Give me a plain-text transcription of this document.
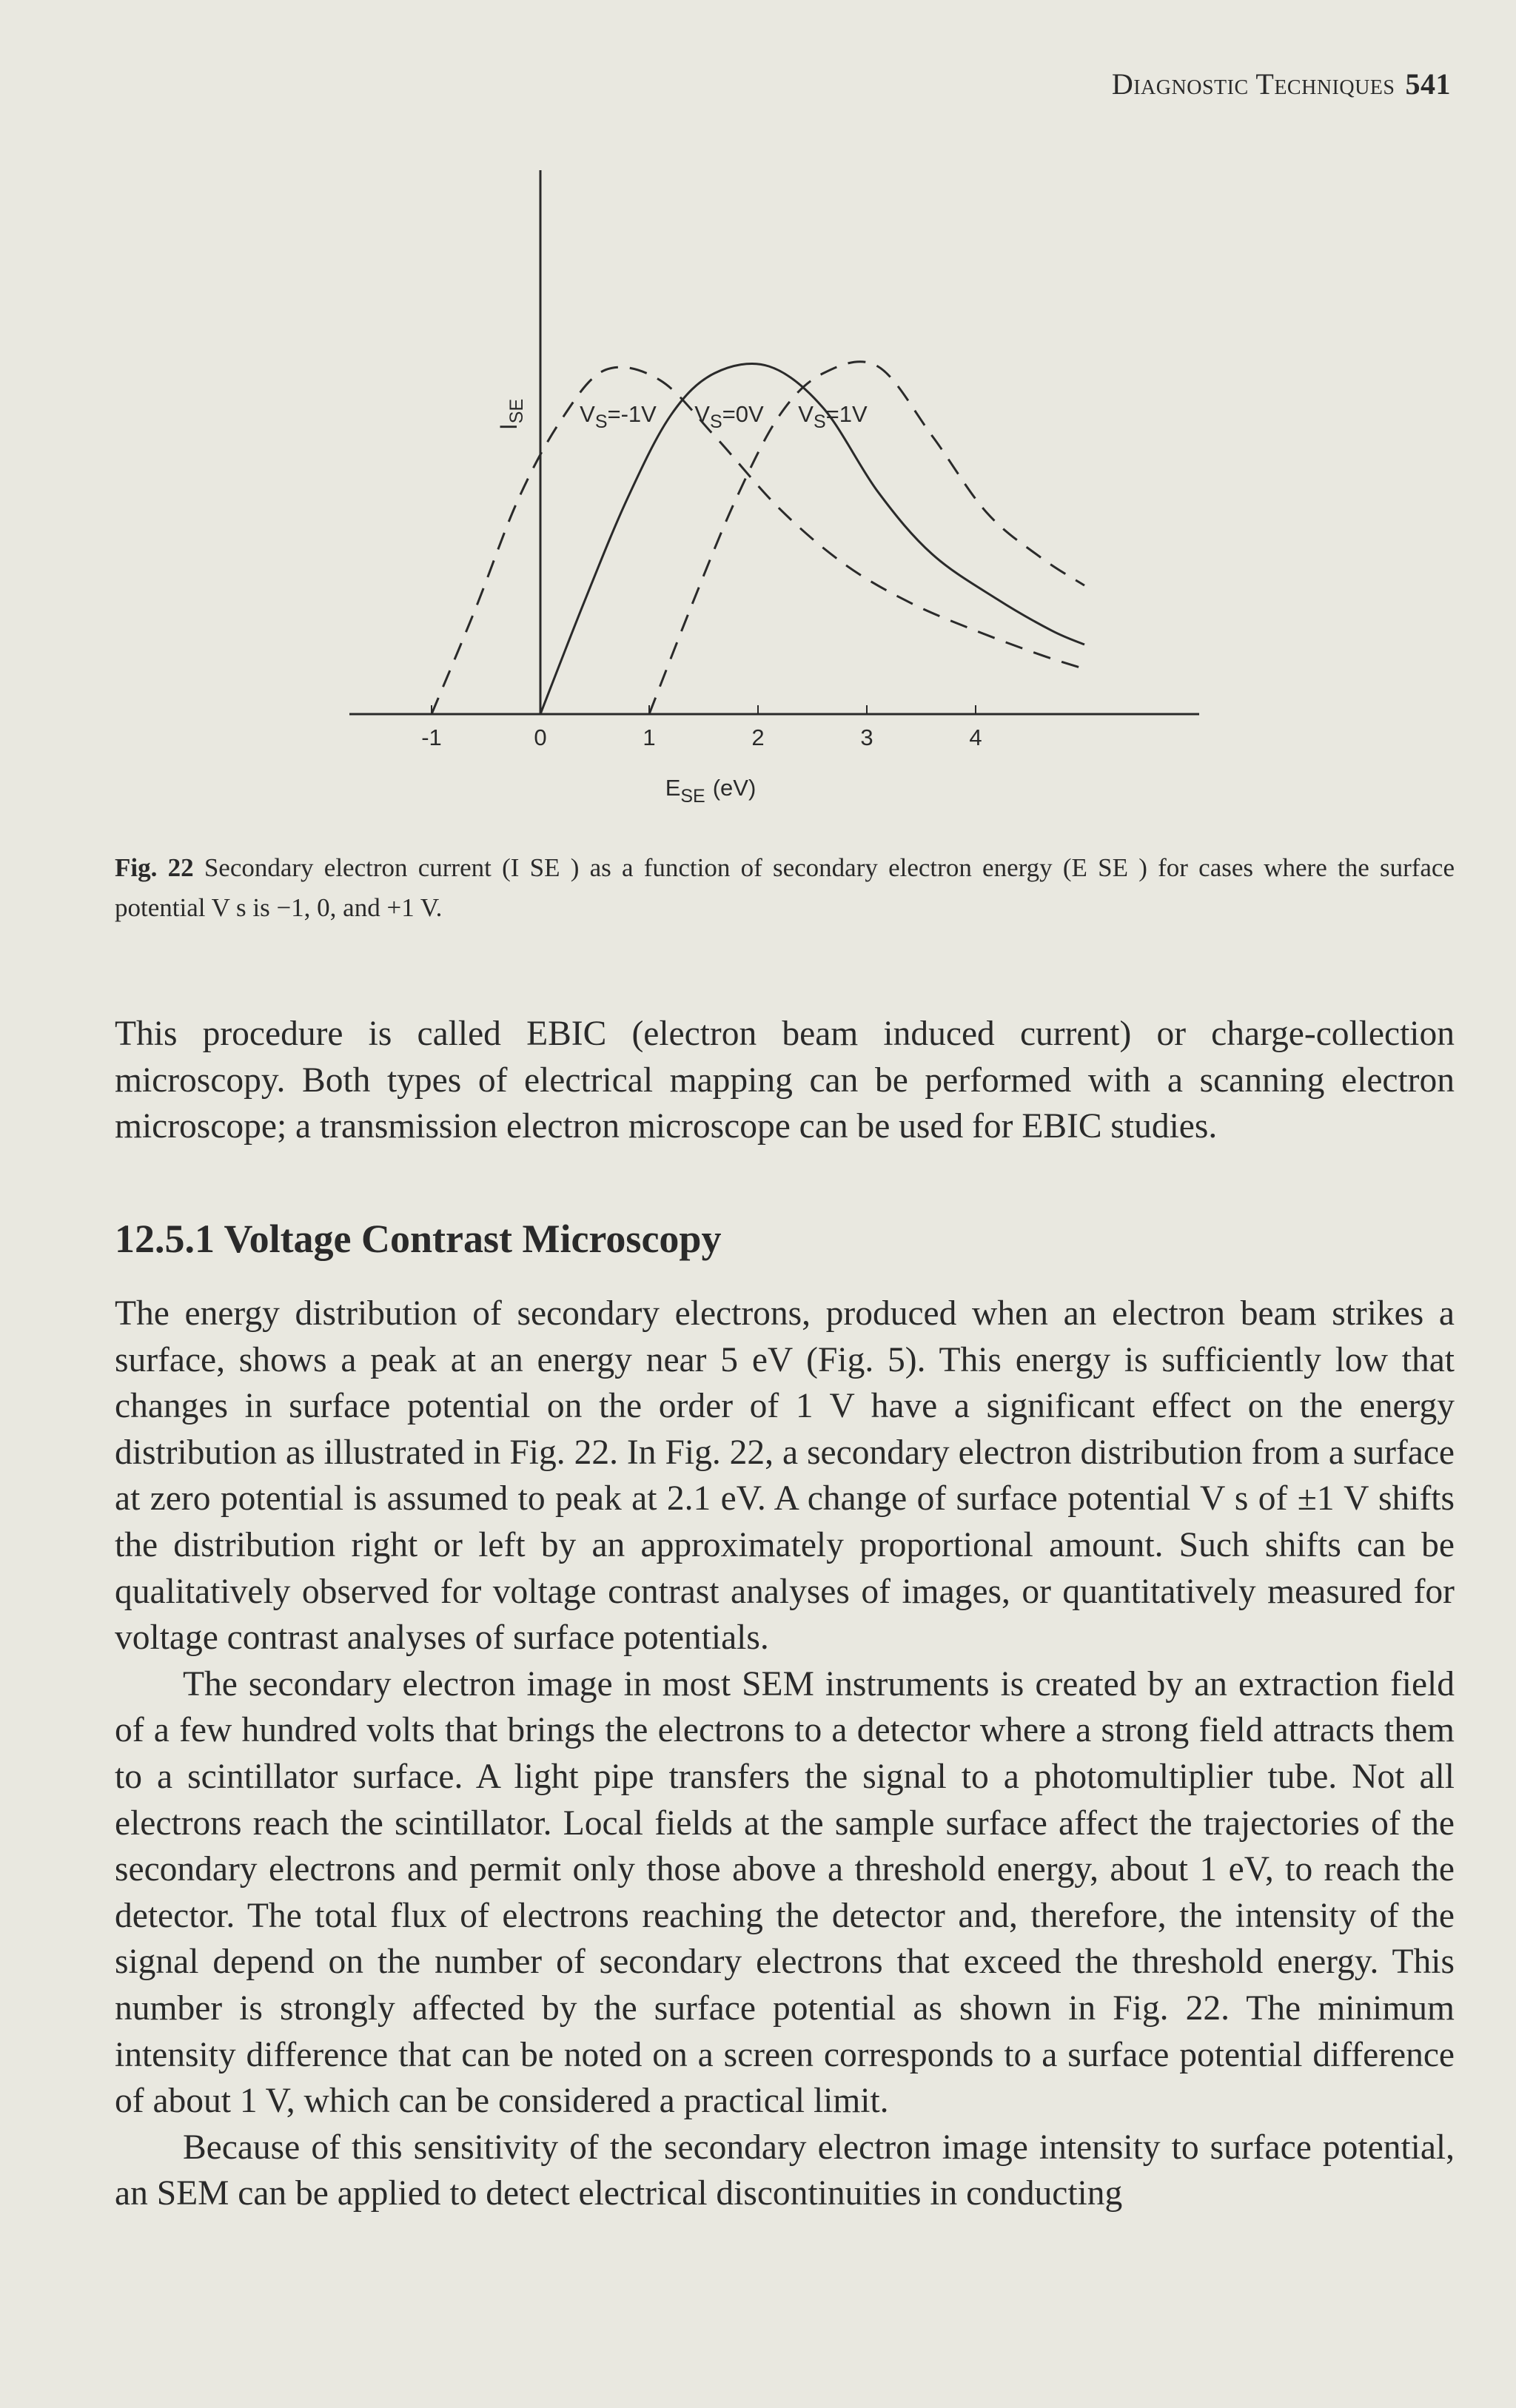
Diagnostic Techniques 541
$I_{SE}$
$E_{SE}$ (eV)
$V_S=-1V$ $V_S=0V$ $V_S=1V$
-1	0	1	2	3	4
Fig. 22 Secondary electron current (I SE ) as a function of secondary electron energy (E SE ) for cases where the surface potential V s is −1, 0, and +1 V.

This procedure is called EBIC (electron beam induced current) or charge-collection microscopy. Both types of electrical mapping can be performed with a scanning electron microscope; a transmission electron microscope can be used for EBIC studies.

12.5.1 Voltage Contrast Microscopy

The energy distribution of secondary electrons, produced when an electron beam strikes a surface, shows a peak at an energy near 5 eV (Fig. 5). This energy is sufficiently low that changes in surface potential on the order of 1 V have a significant effect on the energy distribution as illustrated in Fig. 22. In Fig. 22, a secondary electron distribution from a surface at zero potential is assumed to peak at 2.1 eV. A change of surface potential V s of ±1 V shifts the distribution right or left by an approximately proportional amount. Such shifts can be qualitatively observed for voltage contrast analyses of images, or quantitatively measured for voltage contrast analyses of surface potentials.

The secondary electron image in most SEM instruments is created by an extraction field of a few hundred volts that brings the electrons to a detector where a strong field attracts them to a scintillator surface. A light pipe transfers the signal to a photomultiplier tube. Not all electrons reach the scintillator. Local fields at the sample surface affect the trajectories of the secondary electrons and permit only those above a threshold energy, about 1 eV, to reach the detector. The total flux of electrons reaching the detector and, therefore, the intensity of the signal depend on the number of secondary electrons that exceed the threshold energy. This number is strongly affected by the surface potential as shown in Fig. 22. The minimum intensity difference that can be noted on a screen corresponds to a surface potential difference of about 1 V, which can be considered a practical limit.

Because of this sensitivity of the secondary electron image intensity to surface potential, an SEM can be applied to detect electrical discontinuities in conducting
